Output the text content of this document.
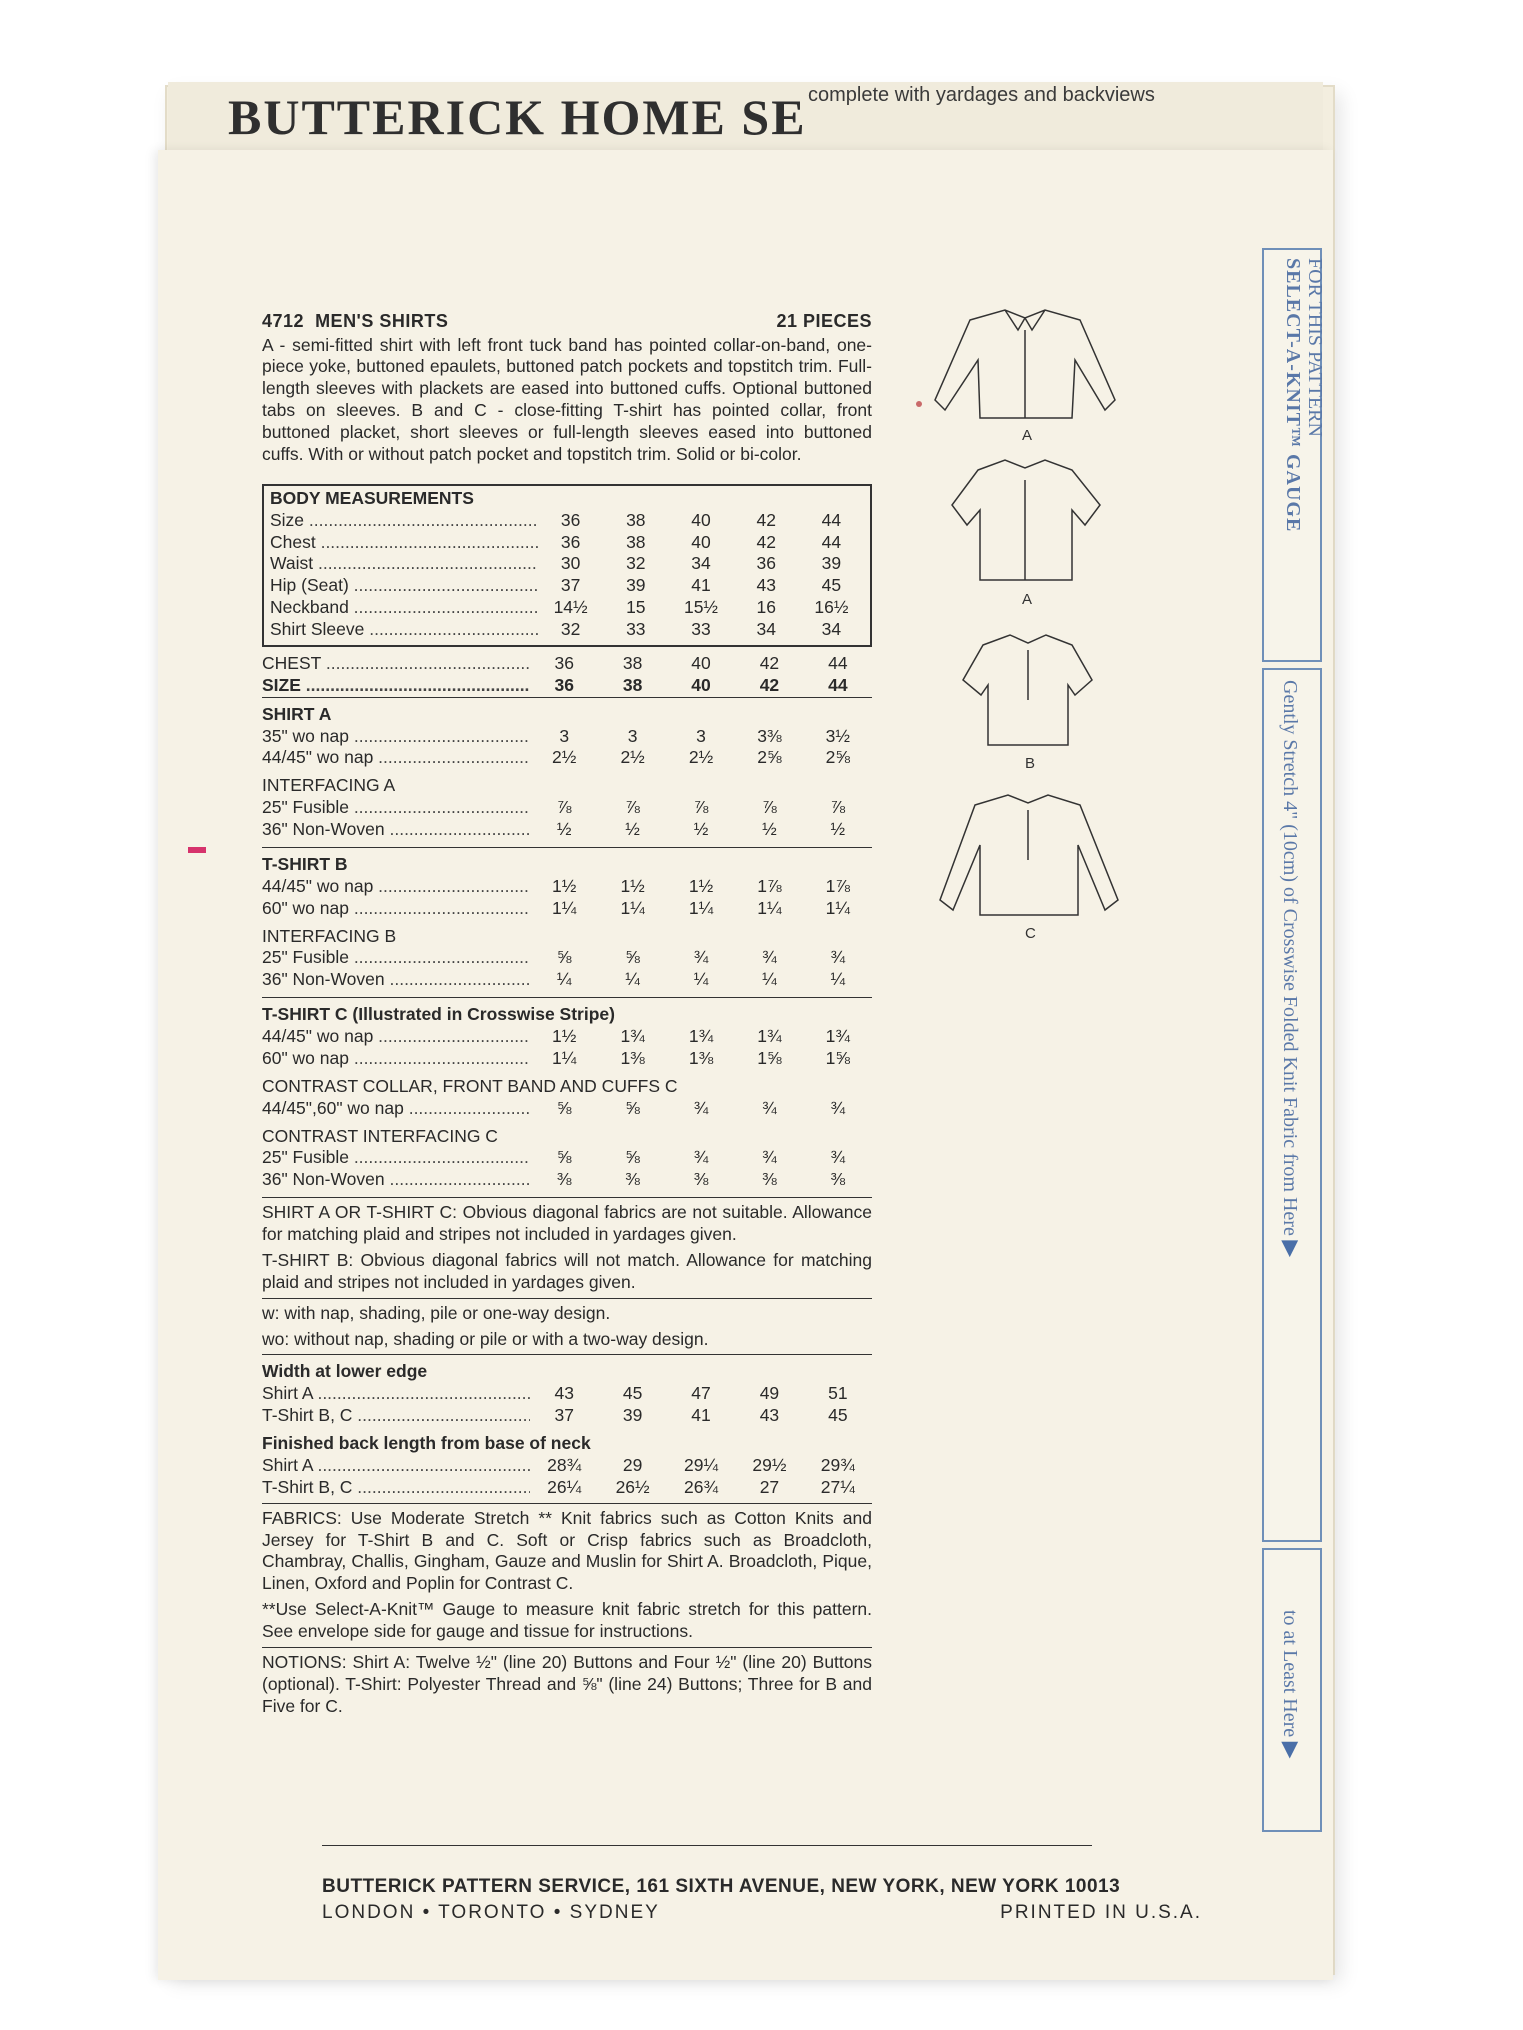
BUTTERICK HOME SE complete with yardages and backviews
4712 MEN'S SHIRTS	21 PIECES
A - semi-fitted shirt with left front tuck band has pointed collar-on-band, one-piece yoke, buttoned epaulets, buttoned patch pockets and topstitch trim. Full-length sleeves with plackets are eased into buttoned cuffs. Optional buttoned tabs on sleeves. B and C - close-fitting T-shirt has pointed collar, front buttoned placket, short sleeves or full-length sleeves eased into buttoned cuffs. With or without patch pocket and topstitch trim. Solid or bi-color.
BODY MEASUREMENTS
Size .....	36	38	40	42	44
Chest .....	36	38	40	42	44
Waist .....	30	32	34	36	39
Hip (Seat) .....	37	39	41	43	45
Neckband .....	14½	15	15½	16	16½
Shirt Sleeve .....	32	33	33	34	34
CHEST .....	36	38	40	42	44
SIZE .....	36	38	40	42	44
SHIRT A
35" wo nap .....	3	3	3	3⅜	3½
44/45" wo nap .....	2½	2½	2½	2⅝	2⅝
INTERFACING A
25" Fusible .....	⅞	⅞	⅞	⅞	⅞
36" Non-Woven .....	½	½	½	½	½
T-SHIRT B
44/45" wo nap .....	1½	1½	1½	1⅞	1⅞
60" wo nap .....	1¼	1¼	1¼	1¼	1¼
INTERFACING B
25" Fusible .....	⅝	⅝	¾	¾	¾
36" Non-Woven .....	¼	¼	¼	¼	¼
T-SHIRT C (Illustrated in Crosswise Stripe)
44/45" wo nap .....	1½	1¾	1¾	1¾	1¾
60" wo nap .....	1¼	1⅜	1⅜	1⅝	1⅝
CONTRAST COLLAR, FRONT BAND AND CUFFS C
44/45",60" wo nap .....	⅝	⅝	¾	¾	¾
CONTRAST INTERFACING C
25" Fusible .....	⅝	⅝	¾	¾	¾
36" Non-Woven .....	⅜	⅜	⅜	⅜	⅜
SHIRT A OR T-SHIRT C: Obvious diagonal fabrics are not suitable. Allowance for matching plaid and stripes not included in yardages given.
T-SHIRT B: Obvious diagonal fabrics will not match. Allowance for matching plaid and stripes not included in yardages given.
w: with nap, shading, pile or one-way design.
wo: without nap, shading or pile or with a two-way design.
Width at lower edge
Shirt A .....	43	45	47	49	51
T-Shirt B, C .....	37	39	41	43	45
Finished back length from base of neck
Shirt A .....	28¾	29	29¼	29½	29¾
T-Shirt B, C .....	26¼	26½	26¾	27	27¼
FABRICS: Use Moderate Stretch ** Knit fabrics such as Cotton Knits and Jersey for T-Shirt B and C. Soft or Crisp fabrics such as Broadcloth, Chambray, Challis, Gingham, Gauze and Muslin for Shirt A. Broadcloth, Pique, Linen, Oxford and Poplin for Contrast C.
**Use Select-A-Knit™ Gauge to measure knit fabric stretch for this pattern. See envelope side for gauge and tissue for instructions.
NOTIONS: Shirt A: Twelve ½" (line 20) Buttons and Four ½" (line 20) Buttons (optional). T-Shirt: Polyester Thread and ⅝" (line 24) Buttons; Three for B and Five for C.
A
A
B
C
SELECT-A-KNIT™ GAUGE FOR THIS PATTERN
Gently Stretch 4" (10cm) of Crosswise Folded Knit Fabric from Here ▶
to at Least Here ▶
BUTTERICK PATTERN SERVICE, 161 SIXTH AVENUE, NEW YORK, NEW YORK 10013
LONDON • TORONTO • SYDNEY	PRINTED IN U.S.A.
